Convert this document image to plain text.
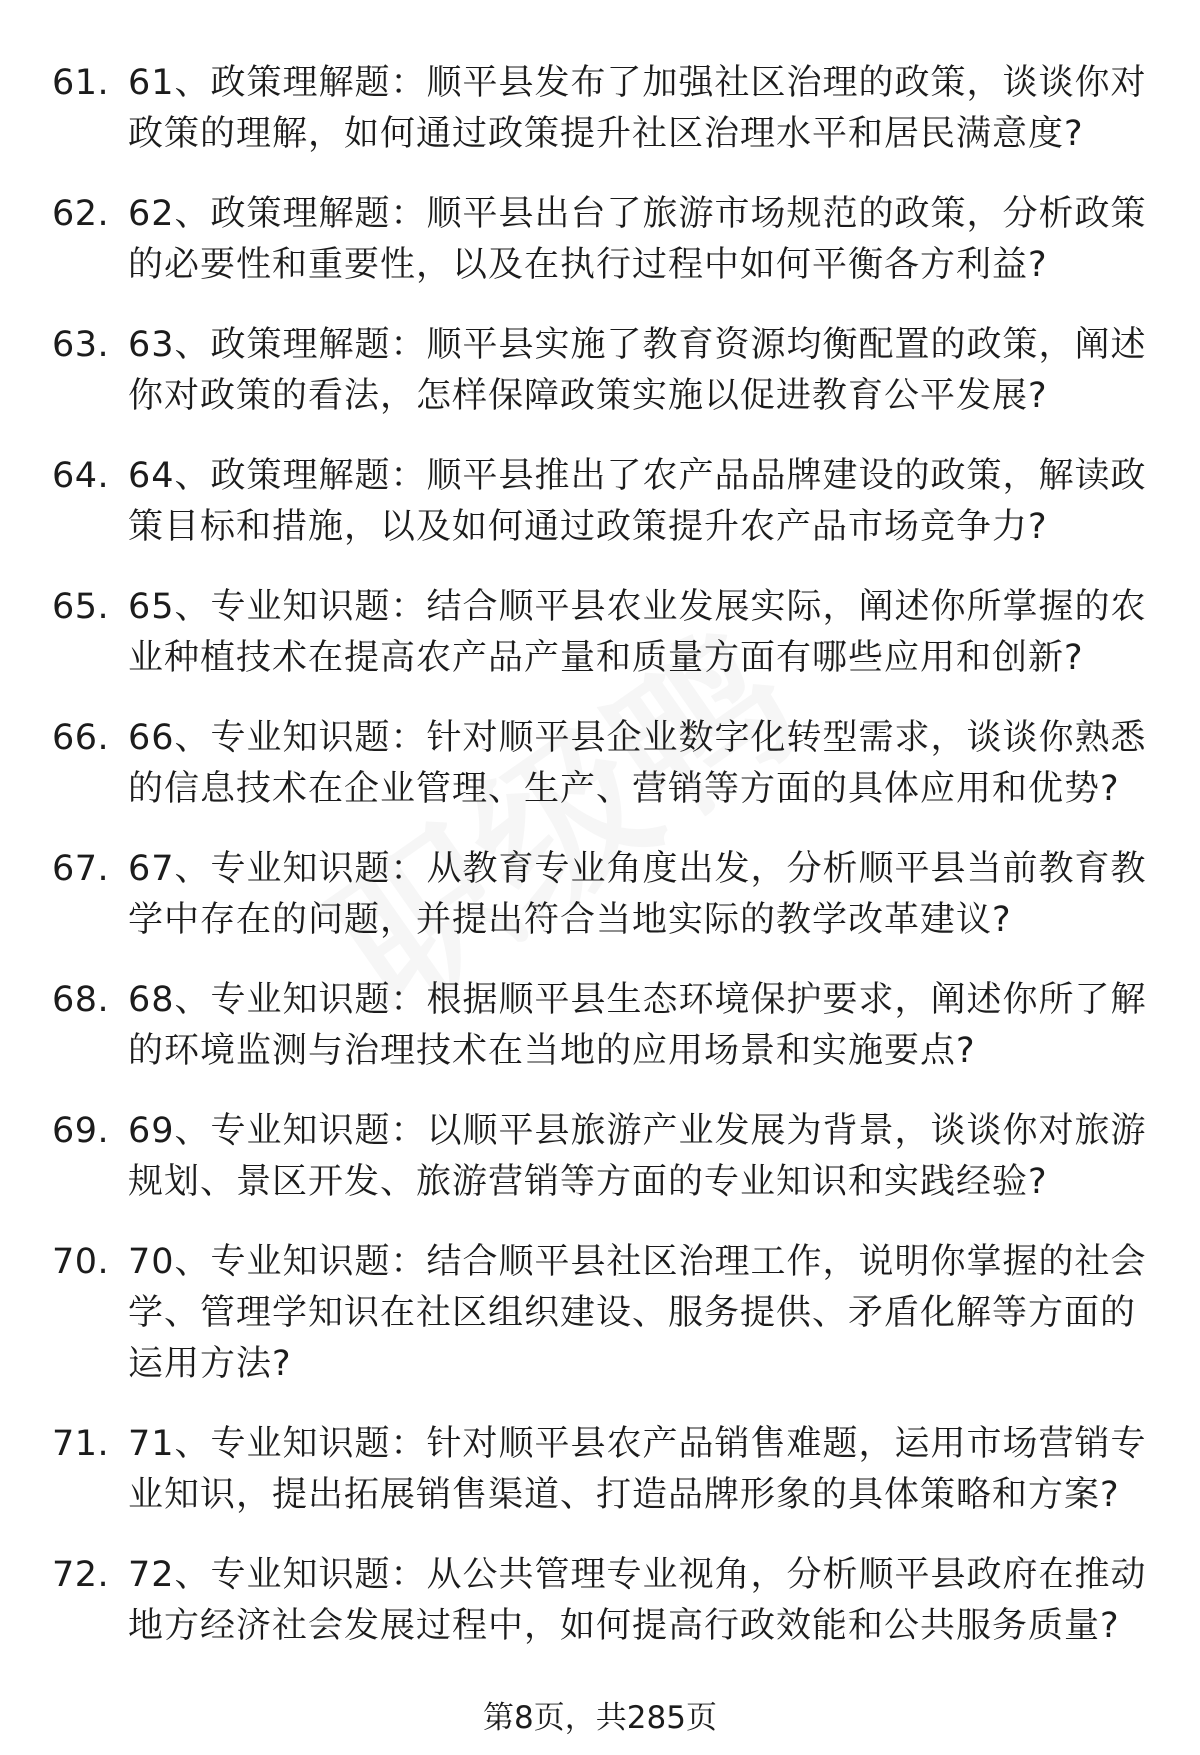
61. 61、政策理解题：顺平县发布了加强社区治理的政策，谈谈你对政策的理解，如何通过政策提升社区治理水平和居民满意度?
62. 62、政策理解题：顺平县出台了旅游市场规范的政策，分析政策的必要性和重要性，以及在执行过程中如何平衡各方利益?
63. 63、政策理解题：顺平县实施了教育资源均衡配置的政策，阐述你对政策的看法，怎样保障政策实施以促进教育公平发展?
64. 64、政策理解题：顺平县推出了农产品品牌建设的政策，解读政策目标和措施，以及如何通过政策提升农产品市场竞争力?
65. 65、专业知识题：结合顺平县农业发展实际，阐述你所掌握的农业种植技术在提高农产品产量和质量方面有哪些应用和创新?
66. 66、专业知识题：针对顺平县企业数字化转型需求，谈谈你熟悉的信息技术在企业管理、生产、营销等方面的具体应用和优势?
67. 67、专业知识题：从教育专业角度出发，分析顺平县当前教育教学中存在的问题，并提出符合当地实际的教学改革建议?
68. 68、专业知识题：根据顺平县生态环境保护要求，阐述你所了解的环境监测与治理技术在当地的应用场景和实施要点?
69. 69、专业知识题：以顺平县旅游产业发展为背景，谈谈你对旅游规划、景区开发、旅游营销等方面的专业知识和实践经验?
70. 70、专业知识题：结合顺平县社区治理工作，说明你掌握的社会学、管理学知识在社区组织建设、服务提供、矛盾化解等方面的运用方法?
71. 71、专业知识题：针对顺平县农产品销售难题，运用市场营销专业知识，提出拓展销售渠道、打造品牌形象的具体策略和方案?
72. 72、专业知识题：从公共管理专业视角，分析顺平县政府在推动地方经济社会发展过程中，如何提高行政效能和公共服务质量?
第8页，共285页
